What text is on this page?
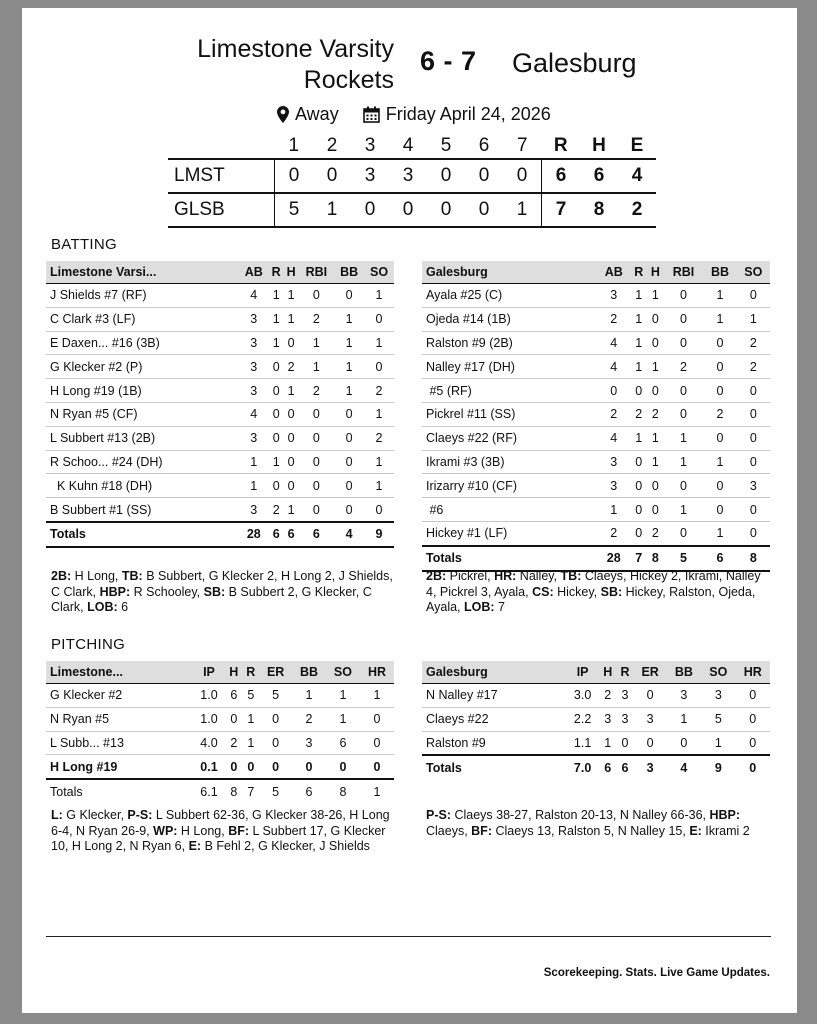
Limestone Varsity
Rockets
6 - 7 Galesburg
Away	Friday April 24, 2026
	1	2	3	4	5	6	7	R	H	E
LMST	0	0	3	3	0	0	0	6	6	4
GLSB	5	1	0	0	0	0	1	7	8	2
BATTING
Limestone Varsi...	AB	R	H	RBI	BB	SO
J Shields #7 (RF)	4	1	1	0	0	1
C Clark #3 (LF)	3	1	1	2	1	0
E Daxen... #16 (3B)	3	1	0	1	1	1
G Klecker #2 (P)	3	0	2	1	1	0
H Long #19 (1B)	3	0	1	2	1	2
N Ryan #5 (CF)	4	0	0	0	0	1
L Subbert #13 (2B)	3	0	0	0	0	2
R Schoo... #24 (DH)	1	1	0	0	0	1
K Kuhn #18 (DH)	1	0	0	0	0	1
B Subbert #1 (SS)	3	2	1	0	0	0
Totals	28	6	6	6	4	9
Galesburg	AB	R	H	RBI	BB	SO
Ayala #25 (C)	3	1	1	0	1	0
Ojeda #14 (1B)	2	1	0	0	1	1
Ralston #9 (2B)	4	1	0	0	0	2
Nalley #17 (DH)	4	1	1	2	0	2
#5 (RF)	0	0	0	0	0	0
Pickrel #11 (SS)	2	2	2	0	2	0
Claeys #22 (RF)	4	1	1	1	0	0
Ikrami #3 (3B)	3	0	1	1	1	0
Irizarry #10 (CF)	3	0	0	0	0	3
#6	1	0	0	1	0	0
Hickey #1 (LF)	2	0	2	0	1	0
Totals	28	7	8	5	6	8
2B: H Long, TB: B Subbert, G Klecker 2, H Long 2, J Shields, C Clark, HBP: R Schooley, SB: B Subbert 2, G Klecker, C Clark, LOB: 6
2B: Pickrel, HR: Nalley, TB: Claeys, Hickey 2, Ikrami, Nalley 4, Pickrel 3, Ayala, CS: Hickey, SB: Hickey, Ralston, Ojeda, Ayala, LOB: 7
PITCHING
Limestone...	IP	H	R	ER	BB	SO	HR
G Klecker #2	1.0	6	5	5	1	1	1
N Ryan #5	1.0	0	1	0	2	1	0
L Subb... #13	4.0	2	1	0	3	6	0
H Long #19	0.1	0	0	0	0	0	0
Totals	6.1	8	7	5	6	8	1
Galesburg	IP	H	R	ER	BB	SO	HR
N Nalley #17	3.0	2	3	0	3	3	0
Claeys #22	2.2	3	3	3	1	5	0
Ralston #9	1.1	1	0	0	0	1	0
Totals	7.0	6	6	3	4	9	0
L: G Klecker, P-S: L Subbert 62-36, G Klecker 38-26, H Long 6-4, N Ryan 26-9, WP: H Long, BF: L Subbert 17, G Klecker 10, H Long 2, N Ryan 6, E: B Fehl 2, G Klecker, J Shields
P-S: Claeys 38-27, Ralston 20-13, N Nalley 66-36, HBP: Claeys, BF: Claeys 13, Ralston 5, N Nalley 15, E: Ikrami 2
Scorekeeping. Stats. Live Game Updates.
